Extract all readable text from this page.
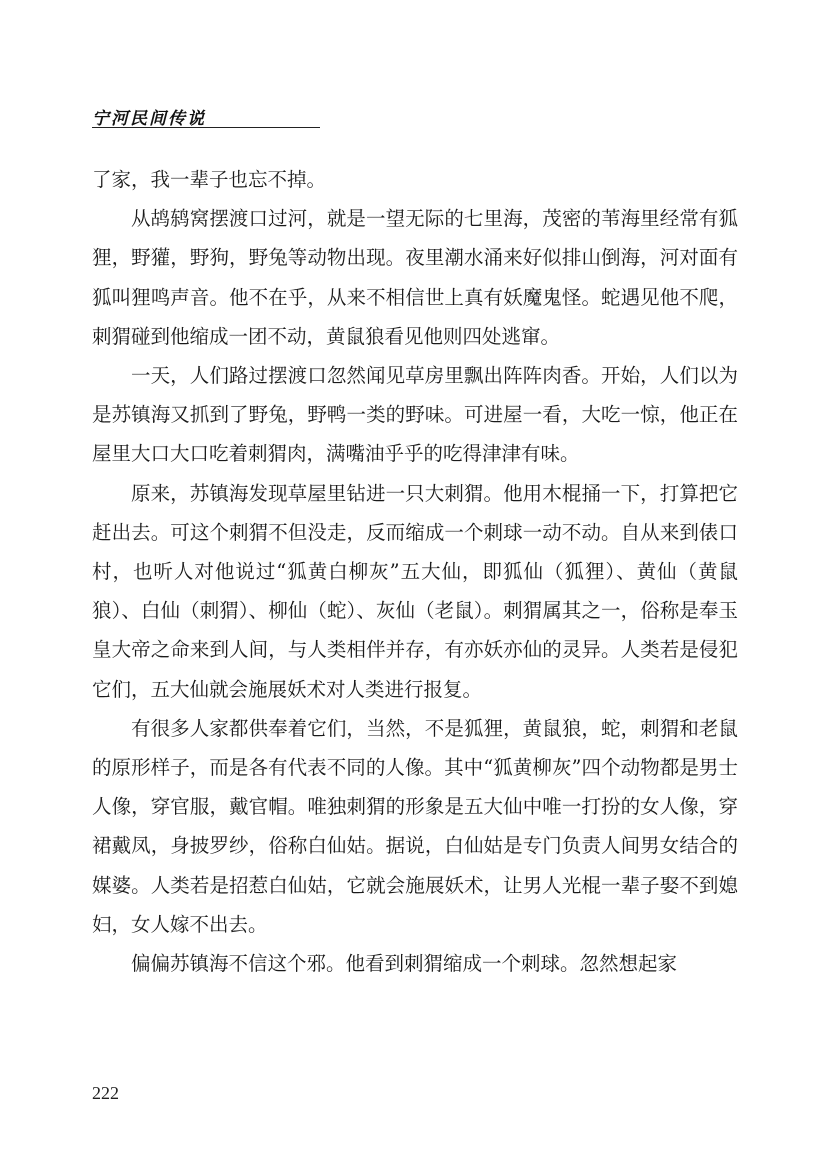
宁河民间传说

了家，我一辈子也忘不掉。

从鸪鸫窝摆渡口过河，就是一望无际的七里海，茂密的苇海里经常有狐狸，野獾，野狗，野兔等动物出现。夜里潮水涌来好似排山倒海，河对面有狐叫狸鸣声音。他不在乎，从来不相信世上真有妖魔鬼怪。蛇遇见他不爬，刺猬碰到他缩成一团不动，黄鼠狼看见他则四处逃窜。

一天，人们路过摆渡口忽然闻见草房里飘出阵阵肉香。开始，人们以为是苏镇海又抓到了野兔，野鸭一类的野味。可进屋一看，大吃一惊，他正在屋里大口大口吃着刺猬肉，满嘴油乎乎的吃得津津有味。

原来，苏镇海发现草屋里钻进一只大刺猬。他用木棍捅一下，打算把它赶出去。可这个刺猬不但没走，反而缩成一个刺球一动不动。自从来到俵口村，也听人对他说过“狐黄白柳灰”五大仙，即狐仙（狐狸）、黄仙（黄鼠狼）、白仙（刺猬）、柳仙（蛇）、灰仙（老鼠）。刺猬属其之一，俗称是奉玉皇大帝之命来到人间，与人类相伴并存，有亦妖亦仙的灵异。人类若是侵犯它们，五大仙就会施展妖术对人类进行报复。

有很多人家都供奉着它们，当然，不是狐狸，黄鼠狼，蛇，刺猬和老鼠的原形样子，而是各有代表不同的人像。其中“狐黄柳灰”四个动物都是男士人像，穿官服，戴官帽。唯独刺猬的形象是五大仙中唯一打扮的女人像，穿裙戴凤，身披罗纱，俗称白仙姑。据说，白仙姑是专门负责人间男女结合的媒婆。人类若是招惹白仙姑，它就会施展妖术，让男人光棍一辈子娶不到媳妇，女人嫁不出去。

偏偏苏镇海不信这个邪。他看到刺猬缩成一个刺球。忽然想起家

222
